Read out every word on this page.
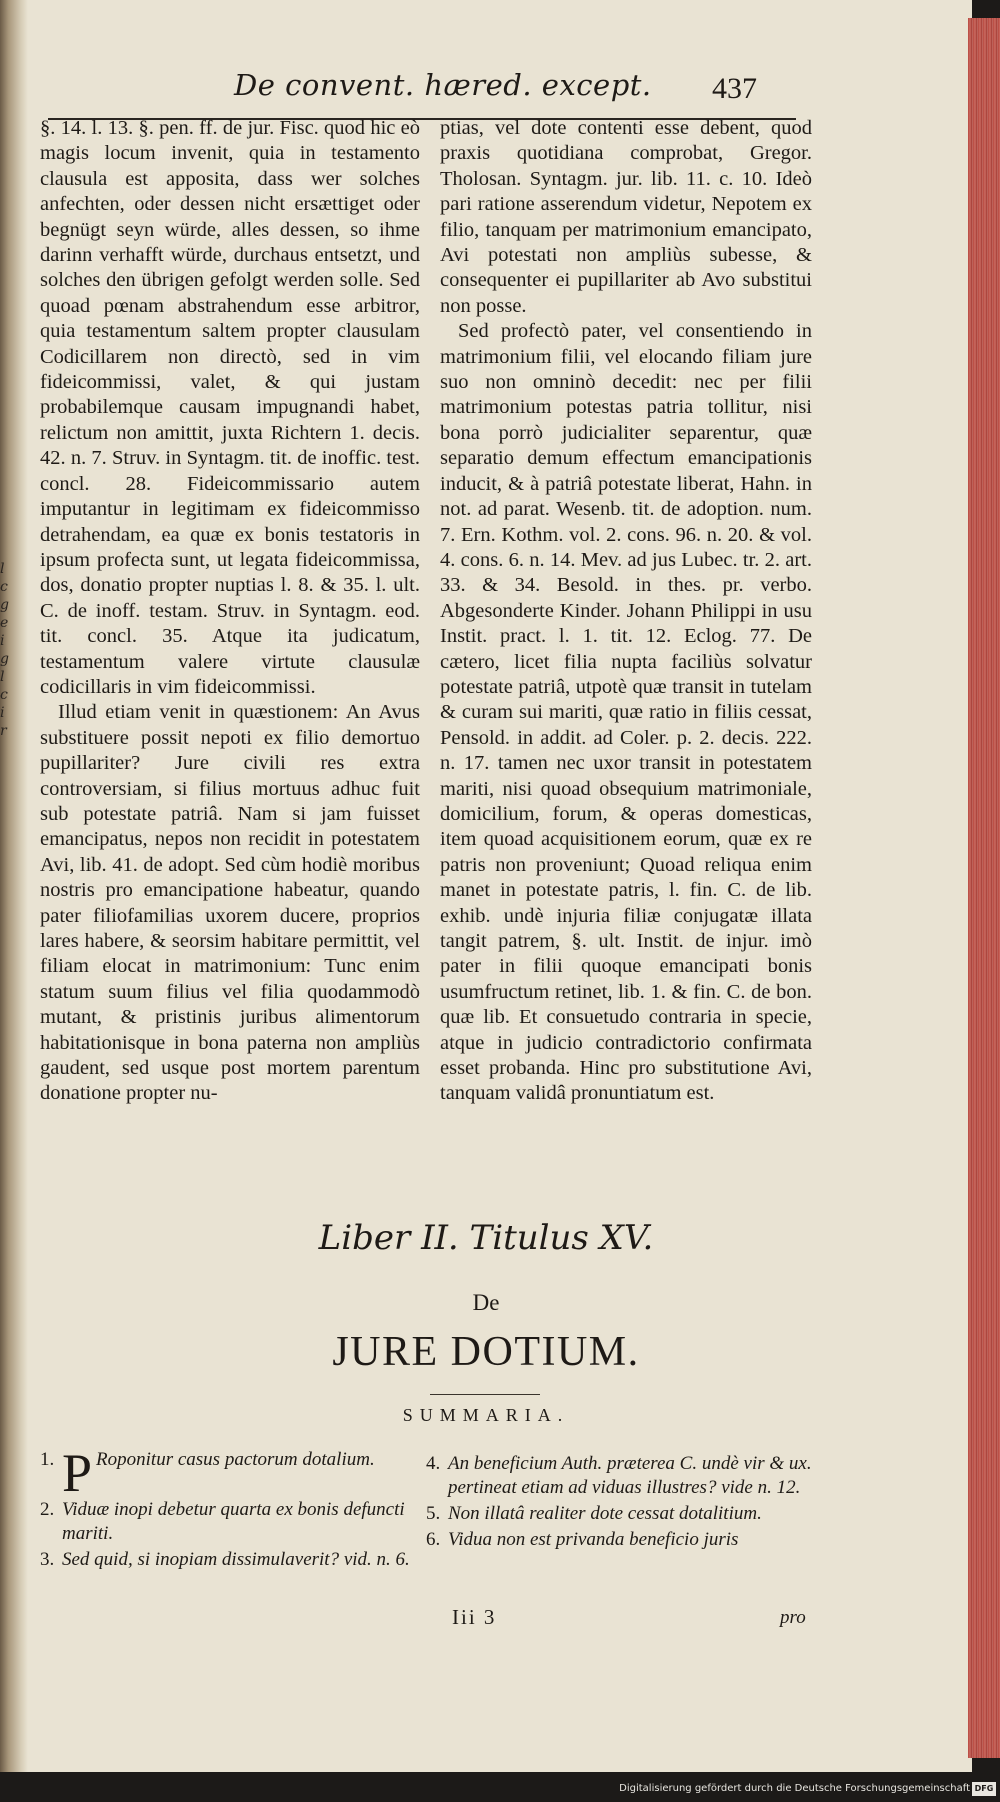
l
c
g
e
i
g
l
c
i
r
De convent. hæred. except. 437

§. 14. l. 13. §. pen. ff. de jur. Fisc. quod hic eò magis locum invenit, quia in testamento clausula est apposita, dass wer solches anfechten, oder dessen nicht ersættiget oder begnügt seyn würde, alles dessen, so ihme darinn verhafft würde, durchaus entsetzt, und solches den übrigen gefolgt werden solle. Sed quoad pœnam abstrahendum esse arbitror, quia testamentum saltem propter clausulam Codicillarem non directò, sed in vim fideicommissi, valet, & qui justam probabilemque causam impugnandi habet, relictum non amittit, juxta Richtern 1. decis. 42. n. 7. Struv. in Syntagm. tit. de inoffic. test. concl. 28. Fideicommissario autem imputantur in legitimam ex fideicommisso detrahendam, ea quæ ex bonis testatoris in ipsum profecta sunt, ut legata fideicommissa, dos, donatio propter nuptias l. 8. & 35. l. ult. C. de inoff. testam. Struv. in Syntagm. eod. tit. concl. 35. Atque ita judicatum, testamentum valere virtute clausulæ codicillaris in vim fideicommissi.

Illud etiam venit in quæstionem: An Avus substituere possit nepoti ex filio demortuo pupillariter? Jure civili res extra controversiam, si filius mortuus adhuc fuit sub potestate patriâ. Nam si jam fuisset emancipatus, nepos non recidit in potestatem Avi, lib. 41. de adopt. Sed cùm hodiè moribus nostris pro emancipatione habeatur, quando pater filiofamilias uxorem ducere, proprios lares habere, & seorsim habitare permittit, vel filiam elocat in matrimonium: Tunc enim statum suum filius vel filia quodammodò mutant, & pristinis juribus alimentorum habitationisque in bona paterna non ampliùs gaudent, sed usque post mortem parentum donatione propter nu-

ptias, vel dote contenti esse debent, quod praxis quotidiana comprobat, Gregor. Tholosan. Syntagm. jur. lib. 11. c. 10. Ideò pari ratione asserendum videtur, Nepotem ex filio, tanquam per matrimonium emancipato, Avi potestati non ampliùs subesse, & consequenter ei pupillariter ab Avo substitui non posse.

Sed profectò pater, vel consentiendo in matrimonium filii, vel elocando filiam jure suo non omninò decedit: nec per filii matrimonium potestas patria tollitur, nisi bona porrò judicialiter separentur, quæ separatio demum effectum emancipationis inducit, & à patriâ potestate liberat, Hahn. in not. ad parat. Wesenb. tit. de adoption. num. 7. Ern. Kothm. vol. 2. cons. 96. n. 20. & vol. 4. cons. 6. n. 14. Mev. ad jus Lubec. tr. 2. art. 33. & 34. Besold. in thes. pr. verbo. Abgesonderte Kinder. Johann Philippi in usu Instit. pract. l. 1. tit. 12. Eclog. 77. De cætero, licet filia nupta faciliùs solvatur potestate patriâ, utpotè quæ transit in tutelam & curam sui mariti, quæ ratio in filiis cessat, Pensold. in addit. ad Coler. p. 2. decis. 222. n. 17. tamen nec uxor transit in potestatem mariti, nisi quoad obsequium matrimoniale, domicilium, forum, & operas domesticas, item quoad acquisitionem eorum, quæ ex re patris non proveniunt; Quoad reliqua enim manet in potestate patris, l. fin. C. de lib. exhib. undè injuria filiæ conjugatæ illata tangit patrem, §. ult. Instit. de injur. imò pater in filii quoque emancipati bonis usumfructum retinet, lib. 1. & fin. C. de bon. quæ lib. Et consuetudo contraria in specie, atque in judicio contradictorio confirmata esset probanda. Hinc pro substitutione Avi, tanquam validâ pronuntiatum est.

Liber II. Titulus XV.
De
JURE DOTIUM.
SUMMARIA.
1. P Roponitur casus pactorum dotalium.
2. Viduæ inopi debetur quarta ex bonis defuncti mariti.
3. Sed quid, si inopiam dissimulaverit? vid. n. 6.
4. An beneficium Auth. præterea C. undè vir & ux. pertineat etiam ad viduas illustres? vide n. 12.
5. Non illatâ realiter dote cessat dotalitium.
6. Vidua non est privanda beneficio juris
Iii 3	pro
Digitalisierung gefördert durch die Deutsche Forschungsgemeinschaft DFG
